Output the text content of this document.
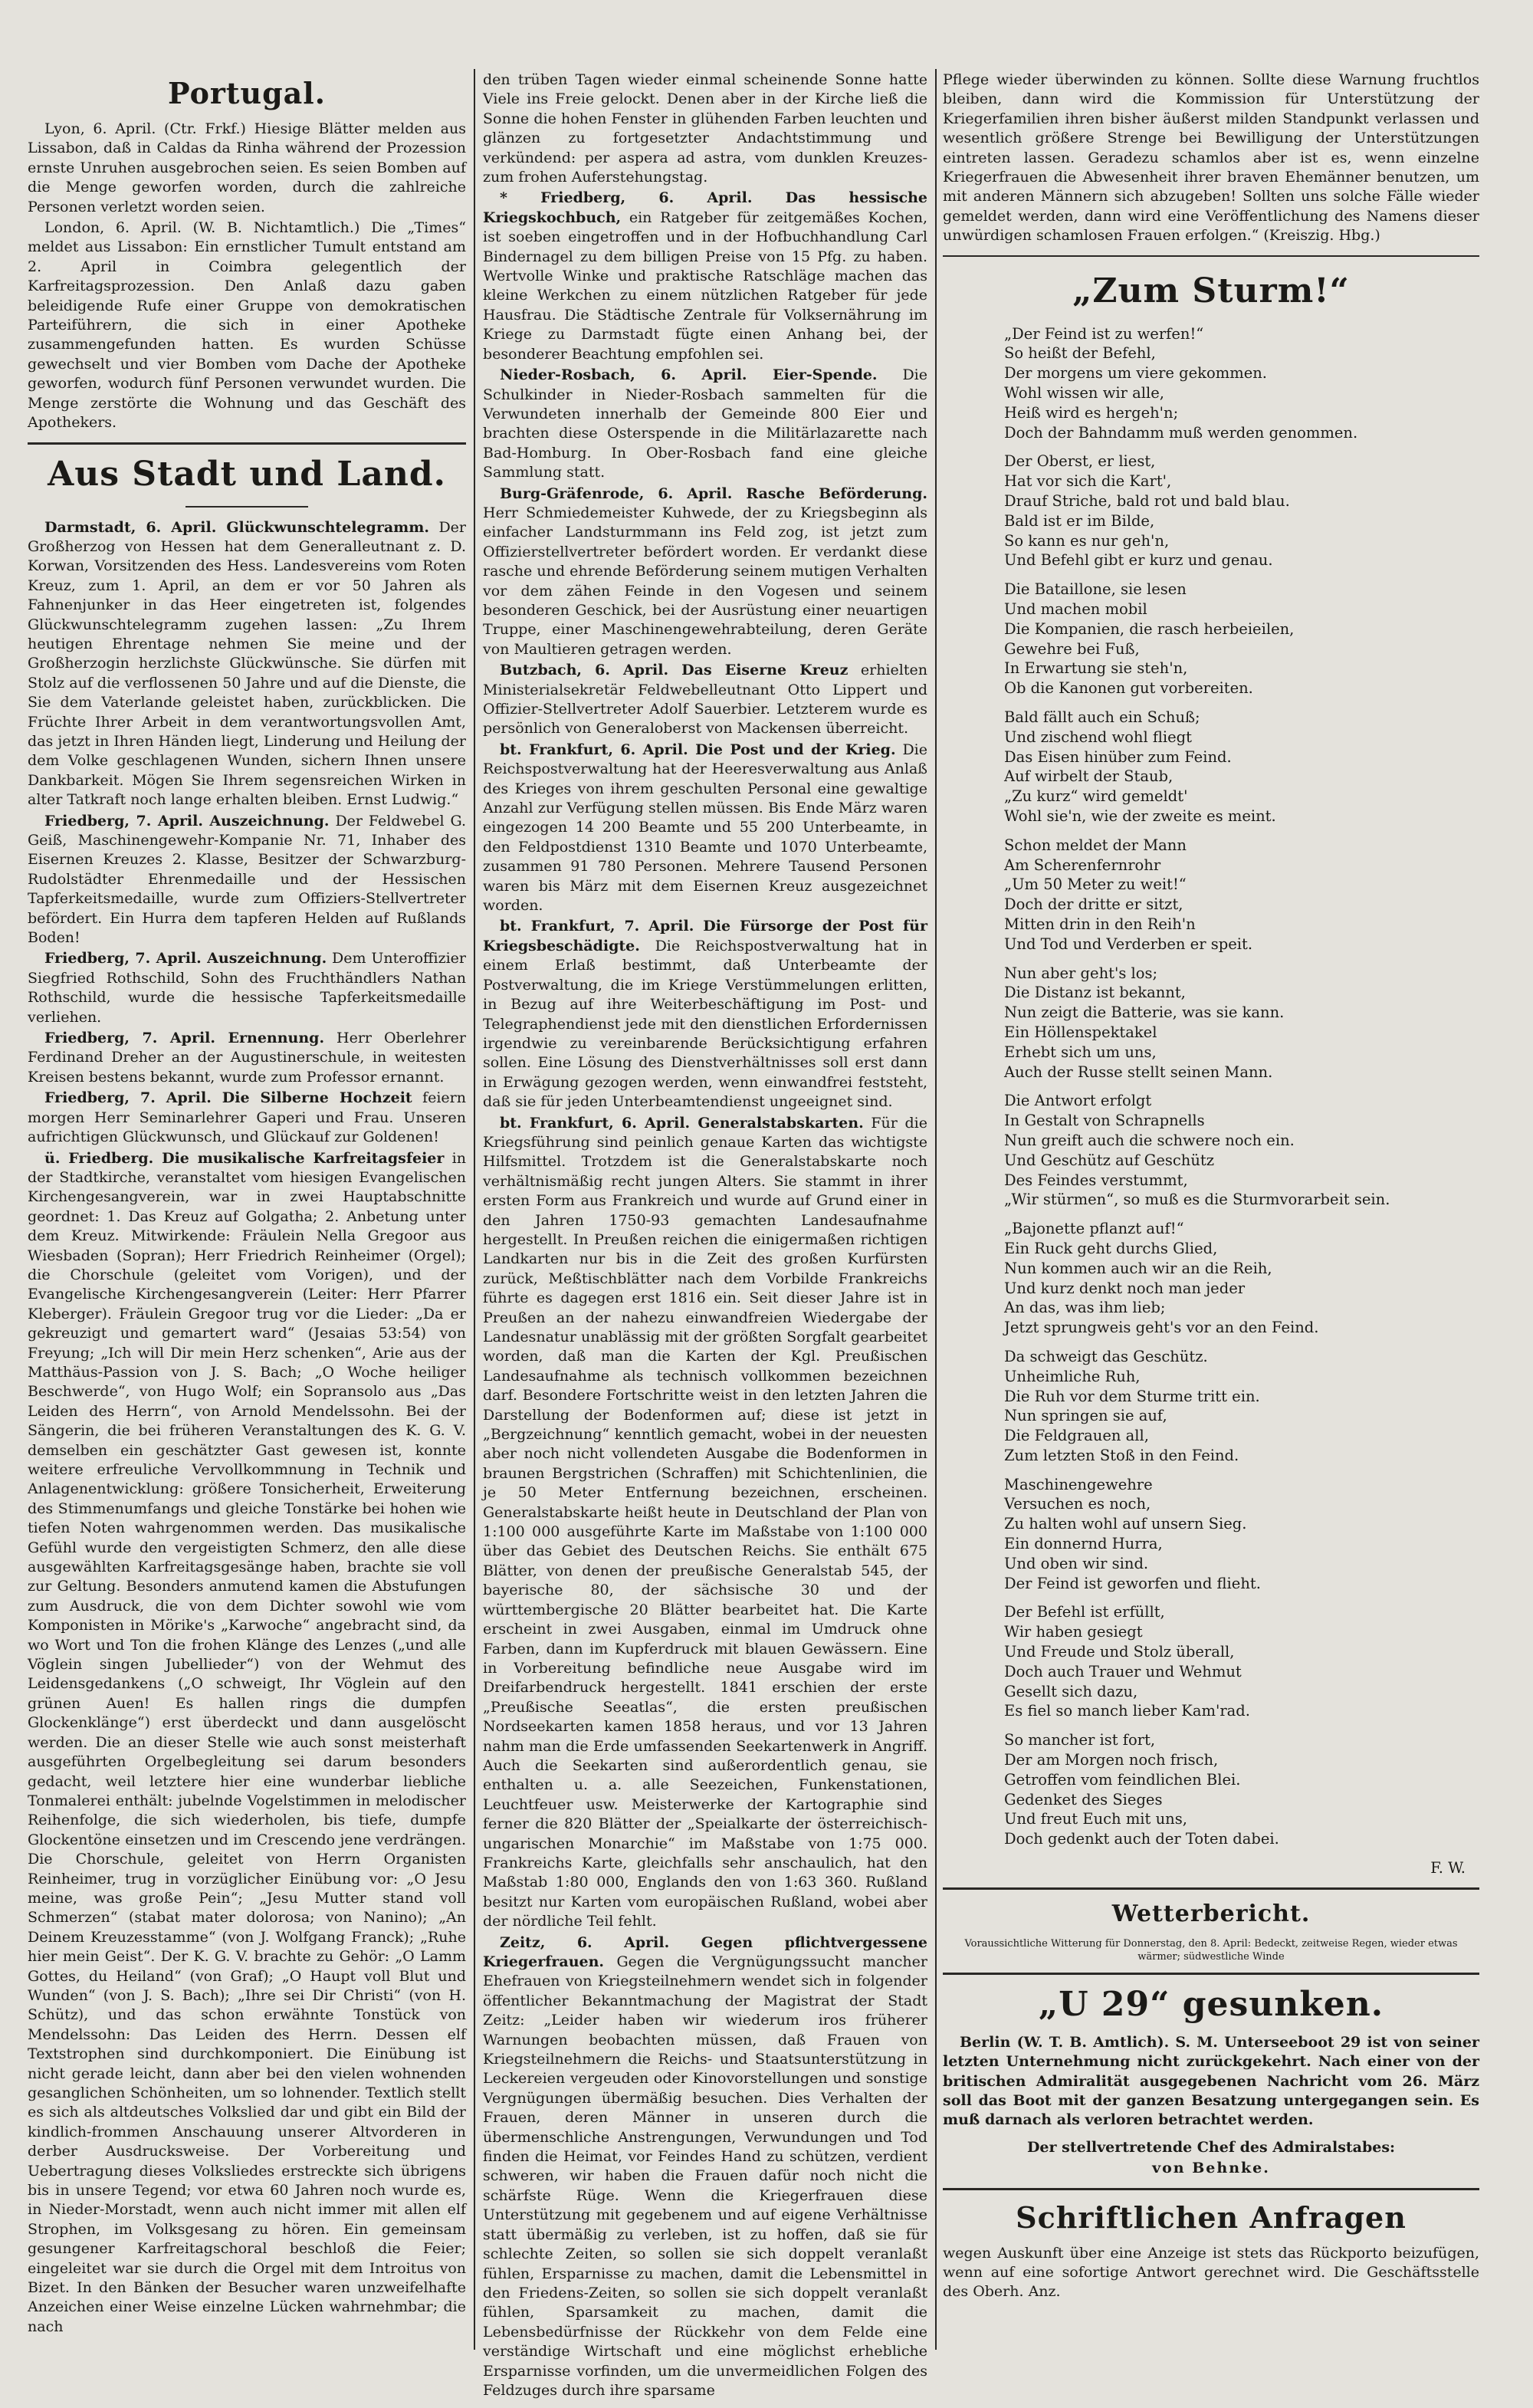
Portugal.

Lyon, 6. April. (Ctr. Frkf.) Hiesige Blätter melden aus Lissabon, daß in Caldas da Rinha während der Prozession ernste Unruhen ausgebrochen seien. Es seien Bomben auf die Menge geworfen worden, durch die zahlreiche Personen verletzt worden seien.

London, 6. April. (W. B. Nichtamtlich.) Die „Times“ meldet aus Lissabon: Ein ernstlicher Tumult entstand am 2. April in Coimbra gelegentlich der Karfreitagsprozession. Den Anlaß dazu gaben beleidigende Rufe einer Gruppe von demokratischen Parteiführern, die sich in einer Apotheke zusammengefunden hatten. Es wurden Schüsse gewechselt und vier Bomben vom Dache der Apotheke geworfen, wodurch fünf Personen verwundet wurden. Die Menge zerstörte die Wohnung und das Geschäft des Apothekers.

Aus Stadt und Land.

Darmstadt, 6. April. Glückwunschtelegramm. Der Großherzog von Hessen hat dem Generalleutnant z. D. Korwan, Vorsitzenden des Hess. Landesvereins vom Roten Kreuz, zum 1. April, an dem er vor 50 Jahren als Fahnenjunker in das Heer eingetreten ist, folgendes Glückwunschtelegramm zugehen lassen: „Zu Ihrem heutigen Ehrentage nehmen Sie meine und der Großherzogin herzlichste Glückwünsche. Sie dürfen mit Stolz auf die verflossenen 50 Jahre und auf die Dienste, die Sie dem Vaterlande geleistet haben, zurückblicken. Die Früchte Ihrer Arbeit in dem verantwortungsvollen Amt, das jetzt in Ihren Händen liegt, Linderung und Heilung der dem Volke geschlagenen Wunden, sichern Ihnen unsere Dankbarkeit. Mögen Sie Ihrem segensreichen Wirken in alter Tatkraft noch lange erhalten bleiben. Ernst Ludwig.“

Friedberg, 7. April. Auszeichnung. Der Feldwebel G. Geiß, Maschinengewehr-Kompanie Nr. 71, Inhaber des Eisernen Kreuzes 2. Klasse, Besitzer der Schwarzburg-Rudolstädter Ehrenmedaille und der Hessischen Tapferkeitsmedaille, wurde zum Offiziers-Stellvertreter befördert. Ein Hurra dem tapferen Helden auf Rußlands Boden!

Friedberg, 7. April. Auszeichnung. Dem Unteroffizier Siegfried Rothschild, Sohn des Fruchthändlers Nathan Rothschild, wurde die hessische Tapferkeitsmedaille verliehen.

Friedberg, 7. April. Ernennung. Herr Oberlehrer Ferdinand Dreher an der Augustinerschule, in weitesten Kreisen bestens bekannt, wurde zum Professor ernannt.

Friedberg, 7. April. Die Silberne Hochzeit feiern morgen Herr Seminarlehrer Gaperi und Frau. Unseren aufrichtigen Glückwunsch, und Glückauf zur Goldenen!

ü. Friedberg. Die musikalische Karfreitagsfeier in der Stadtkirche, veranstaltet vom hiesigen Evangelischen Kirchengesangverein, war in zwei Hauptabschnitte geordnet: 1. Das Kreuz auf Golgatha; 2. Anbetung unter dem Kreuz. Mitwirkende: Fräulein Nella Gregoor aus Wiesbaden (Sopran); Herr Friedrich Reinheimer (Orgel); die Chorschule (geleitet vom Vorigen), und der Evangelische Kirchengesangverein (Leiter: Herr Pfarrer Kleberger). Fräulein Gregoor trug vor die Lieder: „Da er gekreuzigt und gemartert ward“ (Jesaias 53:54) von Freyung; „Ich will Dir mein Herz schenken“, Arie aus der Matthäus-Passion von J. S. Bach; „O Woche heiliger Beschwerde“, von Hugo Wolf; ein Sopransolo aus „Das Leiden des Herrn“, von Arnold Mendelssohn. Bei der Sängerin, die bei früheren Veranstaltungen des K. G. V. demselben ein geschätzter Gast gewesen ist, konnte weitere erfreuliche Vervollkommnung in Technik und Anlagenentwicklung: größere Tonsicherheit, Erweiterung des Stimmenumfangs und gleiche Tonstärke bei hohen wie tiefen Noten wahrgenommen werden. Das musikalische Gefühl wurde den vergeistigten Schmerz, den alle diese ausgewählten Karfreitagsgesänge haben, brachte sie voll zur Geltung. Besonders anmutend kamen die Abstufungen zum Ausdruck, die von dem Dichter sowohl wie vom Komponisten in Mörike's „Karwoche“ angebracht sind, da wo Wort und Ton die frohen Klänge des Lenzes („und alle Vöglein singen Jubellieder“) von der Wehmut des Leidensgedankens („O schweigt, Ihr Vöglein auf den grünen Auen! Es hallen rings die dumpfen Glockenklänge“) erst überdeckt und dann ausgelöscht werden. Die an dieser Stelle wie auch sonst meisterhaft ausgeführten Orgelbegleitung sei darum besonders gedacht, weil letztere hier eine wunderbar liebliche Tonmalerei enthält: jubelnde Vogelstimmen in melodischer Reihenfolge, die sich wiederholen, bis tiefe, dumpfe Glockentöne einsetzen und im Crescendo jene verdrängen. Die Chorschule, geleitet von Herrn Organisten Reinheimer, trug in vorzüglicher Einübung vor: „O Jesu meine, was große Pein“; „Jesu Mutter stand voll Schmerzen“ (stabat mater dolorosa; von Nanino); „An Deinem Kreuzesstamme“ (von J. Wolfgang Franck); „Ruhe hier mein Geist“. Der K. G. V. brachte zu Gehör: „O Lamm Gottes, du Heiland“ (von Graf); „O Haupt voll Blut und Wunden“ (von J. S. Bach); „Ihre sei Dir Christi“ (von H. Schütz), und das schon erwähnte Tonstück von Mendelssohn: Das Leiden des Herrn. Dessen elf Textstrophen sind durchkomponiert. Die Einübung ist nicht gerade leicht, dann aber bei den vielen wohnenden gesanglichen Schönheiten, um so lohnender. Textlich stellt es sich als altdeutsches Volkslied dar und gibt ein Bild der kindlich-frommen Anschauung unserer Altvorderen in derber Ausdrucksweise. Der Vorbereitung und Uebertragung dieses Volksliedes erstreckte sich übrigens bis in unsere Tegend; vor etwa 60 Jahren noch wurde es, in Nieder-Morstadt, wenn auch nicht immer mit allen elf Strophen, im Volksgesang zu hören. Ein gemeinsam gesungener Karfreitagschoral beschloß die Feier; eingeleitet war sie durch die Orgel mit dem Introitus von Bizet. In den Bänken der Besucher waren unzweifelhafte Anzeichen einer Weise einzelne Lücken wahrnehmbar; die nach

den trüben Tagen wieder einmal scheinende Sonne hatte Viele ins Freie gelockt. Denen aber in der Kirche ließ die Sonne die hohen Fenster in glühenden Farben leuchten und glänzen zu fortgesetzter Andachtstimmung und verkündend: per aspera ad astra, vom dunklen Kreuzes- zum frohen Auferstehungstag.

* Friedberg, 6. April. Das hessische Kriegskochbuch, ein Ratgeber für zeitgemäßes Kochen, ist soeben eingetroffen und in der Hofbuchhandlung Carl Bindernagel zu dem billigen Preise von 15 Pfg. zu haben. Wertvolle Winke und praktische Ratschläge machen das kleine Werkchen zu einem nützlichen Ratgeber für jede Hausfrau. Die Städtische Zentrale für Volksernährung im Kriege zu Darmstadt fügte einen Anhang bei, der besonderer Beachtung empfohlen sei.

Nieder-Rosbach, 6. April. Eier-Spende. Die Schulkinder in Nieder-Rosbach sammelten für die Verwundeten innerhalb der Gemeinde 800 Eier und brachten diese Osterspende in die Militärlazarette nach Bad-Homburg. In Ober-Rosbach fand eine gleiche Sammlung statt.

Burg-Gräfenrode, 6. April. Rasche Beförderung. Herr Schmiedemeister Kuhwede, der zu Kriegsbeginn als einfacher Landsturmmann ins Feld zog, ist jetzt zum Offizierstellvertreter befördert worden. Er verdankt diese rasche und ehrende Beförderung seinem mutigen Verhalten vor dem zähen Feinde in den Vogesen und seinem besonderen Geschick, bei der Ausrüstung einer neuartigen Truppe, einer Maschinengewehrabteilung, deren Geräte von Maultieren getragen werden.

Butzbach, 6. April. Das Eiserne Kreuz erhielten Ministerialsekretär Feldwebelleutnant Otto Lippert und Offizier-Stellvertreter Adolf Sauerbier. Letzterem wurde es persönlich von Generaloberst von Mackensen überreicht.

bt. Frankfurt, 6. April. Die Post und der Krieg. Die Reichspostverwaltung hat der Heeresverwaltung aus Anlaß des Krieges von ihrem geschulten Personal eine gewaltige Anzahl zur Verfügung stellen müssen. Bis Ende März waren eingezogen 14 200 Beamte und 55 200 Unterbeamte, in den Feldpostdienst 1310 Beamte und 1070 Unterbeamte, zusammen 91 780 Personen. Mehrere Tausend Personen waren bis März mit dem Eisernen Kreuz ausgezeichnet worden.

bt. Frankfurt, 7. April. Die Fürsorge der Post für Kriegsbeschädigte. Die Reichspostverwaltung hat in einem Erlaß bestimmt, daß Unterbeamte der Postverwaltung, die im Kriege Verstümmelungen erlitten, in Bezug auf ihre Weiterbeschäftigung im Post- und Telegraphendienst jede mit den dienstlichen Erfordernissen irgendwie zu vereinbarende Berücksichtigung erfahren sollen. Eine Lösung des Dienstverhältnisses soll erst dann in Erwägung gezogen werden, wenn einwandfrei feststeht, daß sie für jeden Unterbeamtendienst ungeeignet sind.

bt. Frankfurt, 6. April. Generalstabskarten. Für die Kriegsführung sind peinlich genaue Karten das wichtigste Hilfsmittel. Trotzdem ist die Generalstabskarte noch verhältnismäßig recht jungen Alters. Sie stammt in ihrer ersten Form aus Frankreich und wurde auf Grund einer in den Jahren 1750-93 gemachten Landesaufnahme hergestellt. In Preußen reichen die einigermaßen richtigen Landkarten nur bis in die Zeit des großen Kurfürsten zurück, Meßtischblätter nach dem Vorbilde Frankreichs führte es dagegen erst 1816 ein. Seit dieser Jahre ist in Preußen an der nahezu einwandfreien Wiedergabe der Landesnatur unablässig mit der größten Sorgfalt gearbeitet worden, daß man die Karten der Kgl. Preußischen Landesaufnahme als technisch vollkommen bezeichnen darf. Besondere Fortschritte weist in den letzten Jahren die Darstellung der Bodenformen auf; diese ist jetzt in „Bergzeichnung“ kenntlich gemacht, wobei in der neuesten aber noch nicht vollendeten Ausgabe die Bodenformen in braunen Bergstrichen (Schraffen) mit Schichtenlinien, die je 50 Meter Entfernung bezeichnen, erscheinen. Generalstabskarte heißt heute in Deutschland der Plan von 1:100 000 ausgeführte Karte im Maßstabe von 1:100 000 über das Gebiet des Deutschen Reichs. Sie enthält 675 Blätter, von denen der preußische Generalstab 545, der bayerische 80, der sächsische 30 und der württembergische 20 Blätter bearbeitet hat. Die Karte erscheint in zwei Ausgaben, einmal im Umdruck ohne Farben, dann im Kupferdruck mit blauen Gewässern. Eine in Vorbereitung befindliche neue Ausgabe wird im Dreifarbendruck hergestellt. 1841 erschien der erste „Preußische Seeatlas“, die ersten preußischen Nordseekarten kamen 1858 heraus, und vor 13 Jahren nahm man die Erde umfassenden Seekartenwerk in Angriff. Auch die Seekarten sind außerordentlich genau, sie enthalten u. a. alle Seezeichen, Funkenstationen, Leuchtfeuer usw. Meisterwerke der Kartographie sind ferner die 820 Blätter der „Speialkarte der österreichisch-ungarischen Monarchie“ im Maßstabe von 1:75 000. Frankreichs Karte, gleichfalls sehr anschaulich, hat den Maßstab 1:80 000, Englands den von 1:63 360. Rußland besitzt nur Karten vom europäischen Rußland, wobei aber der nördliche Teil fehlt.

Zeitz, 6. April. Gegen pflichtvergessene Kriegerfrauen. Gegen die Vergnügungssucht mancher Ehefrauen von Kriegsteilnehmern wendet sich in folgender öffentlicher Bekanntmachung der Magistrat der Stadt Zeitz: „Leider haben wir wiederum iros früherer Warnungen beobachten müssen, daß Frauen von Kriegsteilnehmern die Reichs- und Staatsunterstützung in Leckereien vergeuden oder Kinovorstellungen und sonstige Vergnügungen übermäßig besuchen. Dies Verhalten der Frauen, deren Männer in unseren durch die übermenschliche Anstrengungen, Verwundungen und Tod finden die Heimat, vor Feindes Hand zu schützen, verdient schweren, wir haben die Frauen dafür noch nicht die schärfste Rüge. Wenn die Kriegerfrauen diese Unterstützung mit gegebenem und auf eigene Verhältnisse statt übermäßig zu verleben, ist zu hoffen, daß sie für schlechte Zeiten, so sollen sie sich doppelt veranlaßt fühlen, Ersparnisse zu machen, damit die Lebensmittel in den Friedens-Zeiten, so sollen sie sich doppelt veranlaßt fühlen, Sparsamkeit zu machen, damit die Lebensbedürfnisse der Rückkehr von dem Felde eine verständige Wirtschaft und eine möglichst erhebliche Ersparnisse vorfinden, um die unvermeidlichen Folgen des Feldzuges durch ihre sparsame

Pflege wieder überwinden zu können. Sollte diese Warnung fruchtlos bleiben, dann wird die Kommission für Unterstützung der Kriegerfamilien ihren bisher äußerst milden Standpunkt verlassen und wesentlich größere Strenge bei Bewilligung der Unterstützungen eintreten lassen. Geradezu schamlos aber ist es, wenn einzelne Kriegerfrauen die Abwesenheit ihrer braven Ehemänner benutzen, um mit anderen Männern sich abzugeben! Sollten uns solche Fälle wieder gemeldet werden, dann wird eine Veröffentlichung des Namens dieser unwürdigen schamlosen Frauen erfolgen.“ (Kreiszig. Hbg.)

„Zum Sturm!“
„Der Feind ist zu werfen!“
So heißt der Befehl,
Der morgens um viere gekommen.
Wohl wissen wir alle,
Heiß wird es hergeh'n;
Doch der Bahndamm muß werden genommen.
Der Oberst, er liest,
Hat vor sich die Kart',
Drauf Striche, bald rot und bald blau.
Bald ist er im Bilde,
So kann es nur geh'n,
Und Befehl gibt er kurz und genau.
Die Bataillone, sie lesen
Und machen mobil
Die Kompanien, die rasch herbeieilen,
Gewehre bei Fuß,
In Erwartung sie steh'n,
Ob die Kanonen gut vorbereiten.
Bald fällt auch ein Schuß;
Und zischend wohl fliegt
Das Eisen hinüber zum Feind.
Auf wirbelt der Staub,
„Zu kurz“ wird gemeldt'
Wohl sie'n, wie der zweite es meint.
Schon meldet der Mann
Am Scherenfernrohr
„Um 50 Meter zu weit!“
Doch der dritte er sitzt,
Mitten drin in den Reih'n
Und Tod und Verderben er speit.
Nun aber geht's los;
Die Distanz ist bekannt,
Nun zeigt die Batterie, was sie kann.
Ein Höllenspektakel
Erhebt sich um uns,
Auch der Russe stellt seinen Mann.
Die Antwort erfolgt
In Gestalt von Schrapnells
Nun greift auch die schwere noch ein.
Und Geschütz auf Geschütz
Des Feindes verstummt,
„Wir stürmen“, so muß es die Sturmvorarbeit sein.
„Bajonette pflanzt auf!“
Ein Ruck geht durchs Glied,
Nun kommen auch wir an die Reih,
Und kurz denkt noch man jeder
An das, was ihm lieb;
Jetzt sprungweis geht's vor an den Feind.
Da schweigt das Geschütz.
Unheimliche Ruh,
Die Ruh vor dem Sturme tritt ein.
Nun springen sie auf,
Die Feldgrauen all,
Zum letzten Stoß in den Feind.
Maschinengewehre
Versuchen es noch,
Zu halten wohl auf unsern Sieg.
Ein donnernd Hurra,
Und oben wir sind.
Der Feind ist geworfen und flieht.
Der Befehl ist erfüllt,
Wir haben gesiegt
Und Freude und Stolz überall,
Doch auch Trauer und Wehmut
Gesellt sich dazu,
Es fiel so manch lieber Kam'rad.
So mancher ist fort,
Der am Morgen noch frisch,
Getroffen vom feindlichen Blei.
Gedenket des Sieges
Und freut Euch mit uns,
Doch gedenkt auch der Toten dabei.
F. W.
Wetterbericht.
Voraussichtliche Witterung für Donnerstag, den 8. April: Bedeckt, zeitweise Regen, wieder etwas wärmer; südwestliche Winde
„U 29“ gesunken.

Berlin (W. T. B. Amtlich). S. M. Unterseeboot 29 ist von seiner letzten Unternehmung nicht zurückgekehrt. Nach einer von der britischen Admiralität ausgegebenen Nachricht vom 26. März soll das Boot mit der ganzen Besatzung untergegangen sein. Es muß darnach als verloren betrachtet werden.

Der stellvertretende Chef des Admiralstabes:

von Behnke.

Schriftlichen Anfragen

wegen Auskunft über eine Anzeige ist stets das Rückporto beizufügen, wenn auf eine sofortige Antwort gerechnet wird. Die Geschäftsstelle des Oberh. Anz.
